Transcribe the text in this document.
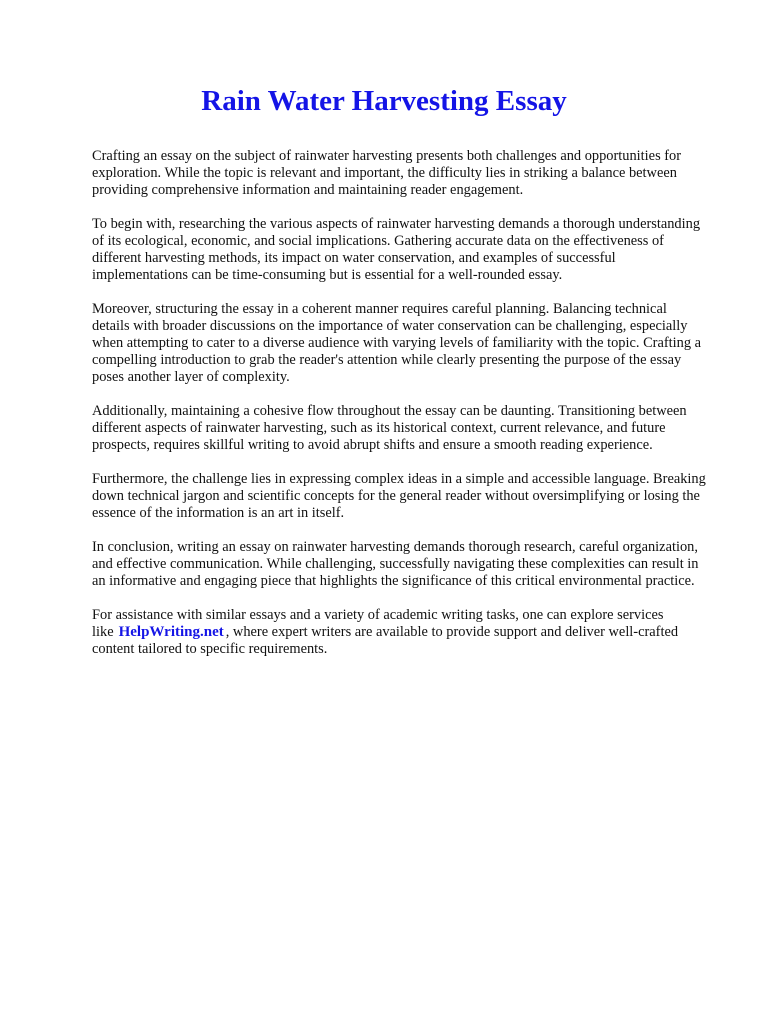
Rain Water Harvesting Essay

Crafting an essay on the subject of rainwater harvesting presents both challenges and opportunities for exploration. While the topic is relevant and important, the difficulty lies in striking a balance between providing comprehensive information and maintaining reader engagement.

To begin with, researching the various aspects of rainwater harvesting demands a thorough understanding of its ecological, economic, and social implications. Gathering accurate data on the effectiveness of different harvesting methods, its impact on water conservation, and examples of successful implementations can be time-consuming but is essential for a well-rounded essay.

Moreover, structuring the essay in a coherent manner requires careful planning. Balancing technical details with broader discussions on the importance of water conservation can be challenging, especially when attempting to cater to a diverse audience with varying levels of familiarity with the topic. Crafting a compelling introduction to grab the reader's attention while clearly presenting the purpose of the essay poses another layer of complexity.

Additionally, maintaining a cohesive flow throughout the essay can be daunting. Transitioning between different aspects of rainwater harvesting, such as its historical context, current relevance, and future prospects, requires skillful writing to avoid abrupt shifts and ensure a smooth reading experience.

Furthermore, the challenge lies in expressing complex ideas in a simple and accessible language. Breaking down technical jargon and scientific concepts for the general reader without oversimplifying or losing the essence of the information is an art in itself.

In conclusion, writing an essay on rainwater harvesting demands thorough research, careful organization, and effective communication. While challenging, successfully navigating these complexities can result in an informative and engaging piece that highlights the significance of this critical environmental practice.

For assistance with similar essays and a variety of academic writing tasks, one can explore services like HelpWriting.net , where expert writers are available to provide support and deliver well-crafted content tailored to specific requirements.
